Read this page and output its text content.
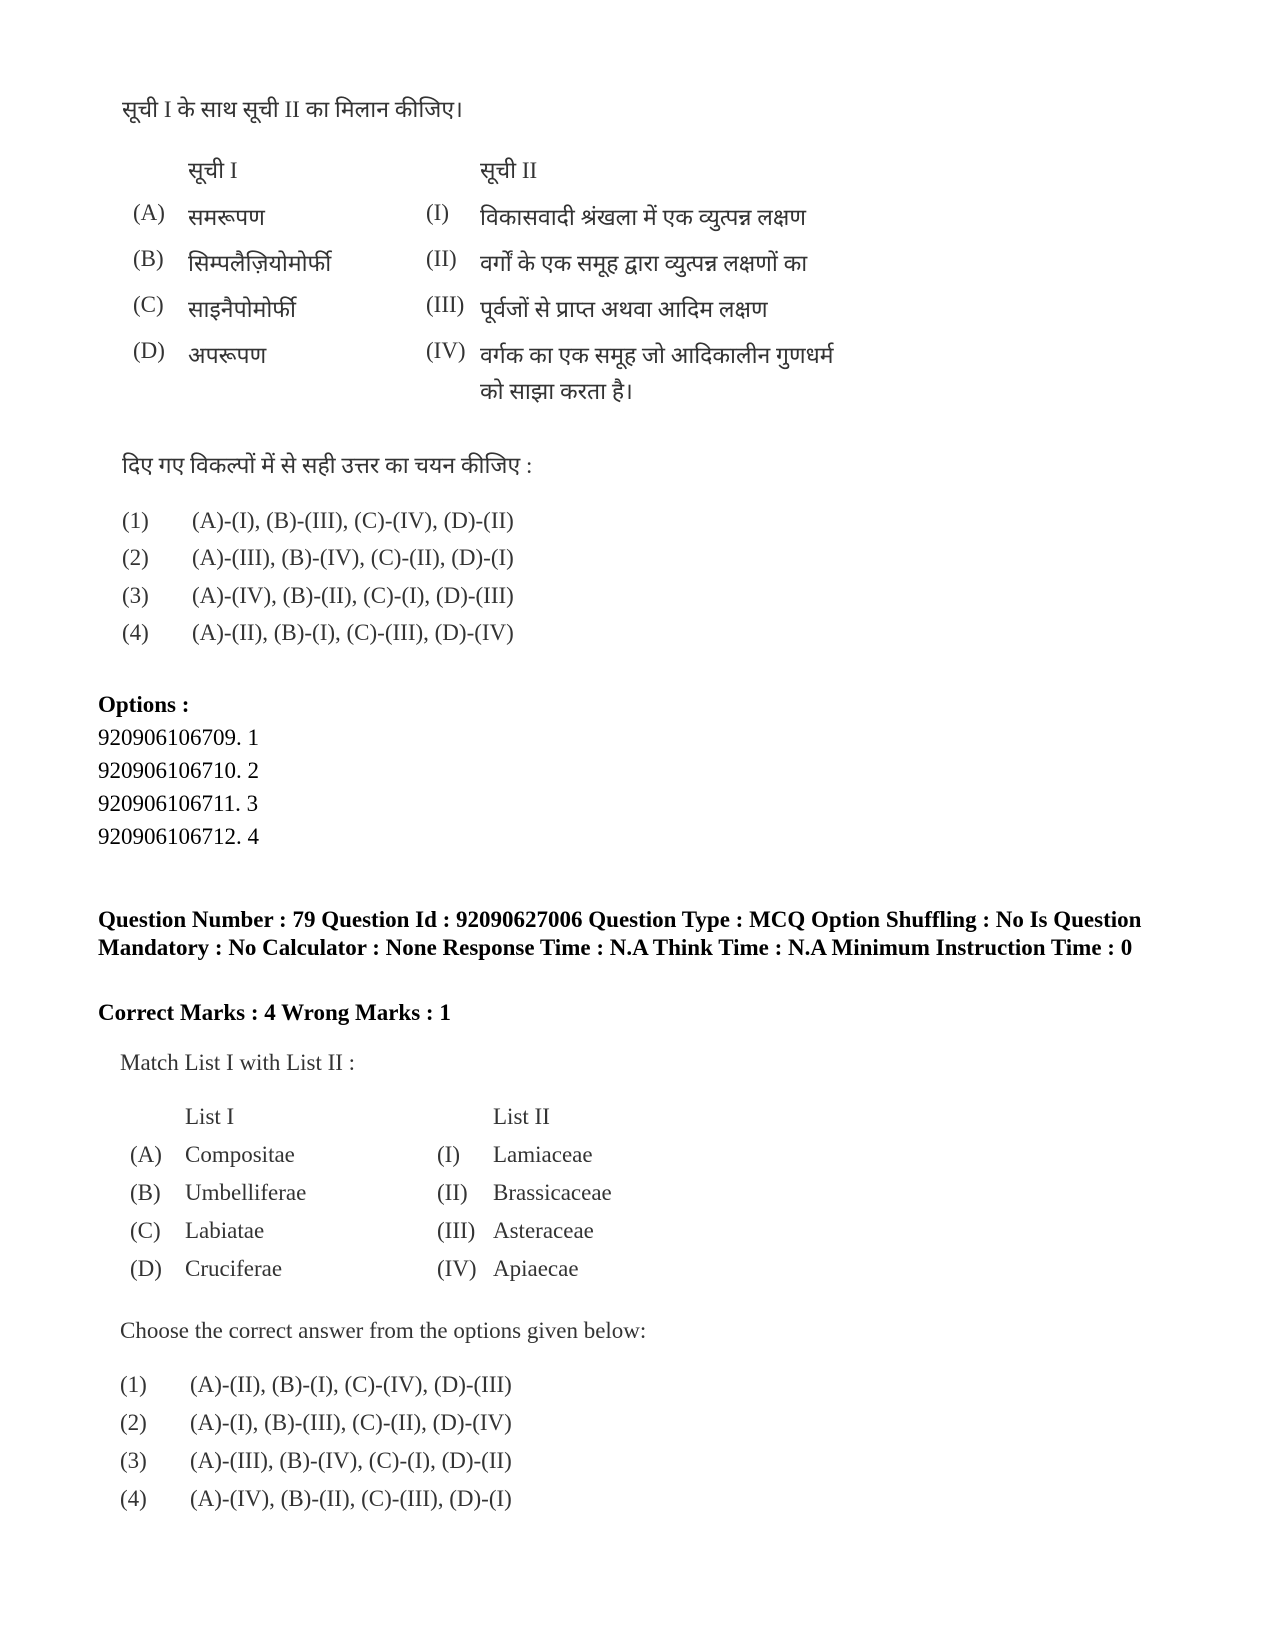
सूची I के साथ सूची II का मिलान कीजिए।
सूची I	सूची II
(A) समरूपण	(I) विकासवादी श्रंखला में एक व्युत्पन्न लक्षण
(B) सिम्पलैज़ियोमोर्फी	(II) वर्गों के एक समूह द्वारा व्युत्पन्न लक्षणों का
(C) साइनैपोमोर्फी	(III) पूर्वजों से प्राप्त अथवा आदिम लक्षण
(D) अपरूपण	(IV) वर्गक का एक समूह जो आदिकालीन गुणधर्म
को साझा करता है।
दिए गए विकल्पों में से सही उत्तर का चयन कीजिए :
(1) (A)-(I), (B)-(III), (C)-(IV), (D)-(II)
(2) (A)-(III), (B)-(IV), (C)-(II), (D)-(I)
(3) (A)-(IV), (B)-(II), (C)-(I), (D)-(III)
(4) (A)-(II), (B)-(I), (C)-(III), (D)-(IV)
Options :
920906106709. 1
920906106710. 2
920906106711. 3
920906106712. 4
Question Number : 79 Question Id : 92090627006 Question Type : MCQ Option Shuffling : No Is Question Mandatory : No Calculator : None Response Time : N.A Think Time : N.A Minimum Instruction Time : 0
Correct Marks : 4 Wrong Marks : 1
Match List I with List II :
List I	List II
(A) Compositae	(I) Lamiaceae
(B) Umbelliferae	(II) Brassicaceae
(C) Labiatae	(III) Asteraceae
(D) Cruciferae	(IV) Apiaecae
Choose the correct answer from the options given below:
(1) (A)-(II), (B)-(I), (C)-(IV), (D)-(III)
(2) (A)-(I), (B)-(III), (C)-(II), (D)-(IV)
(3) (A)-(III), (B)-(IV), (C)-(I), (D)-(II)
(4) (A)-(IV), (B)-(II), (C)-(III), (D)-(I)
